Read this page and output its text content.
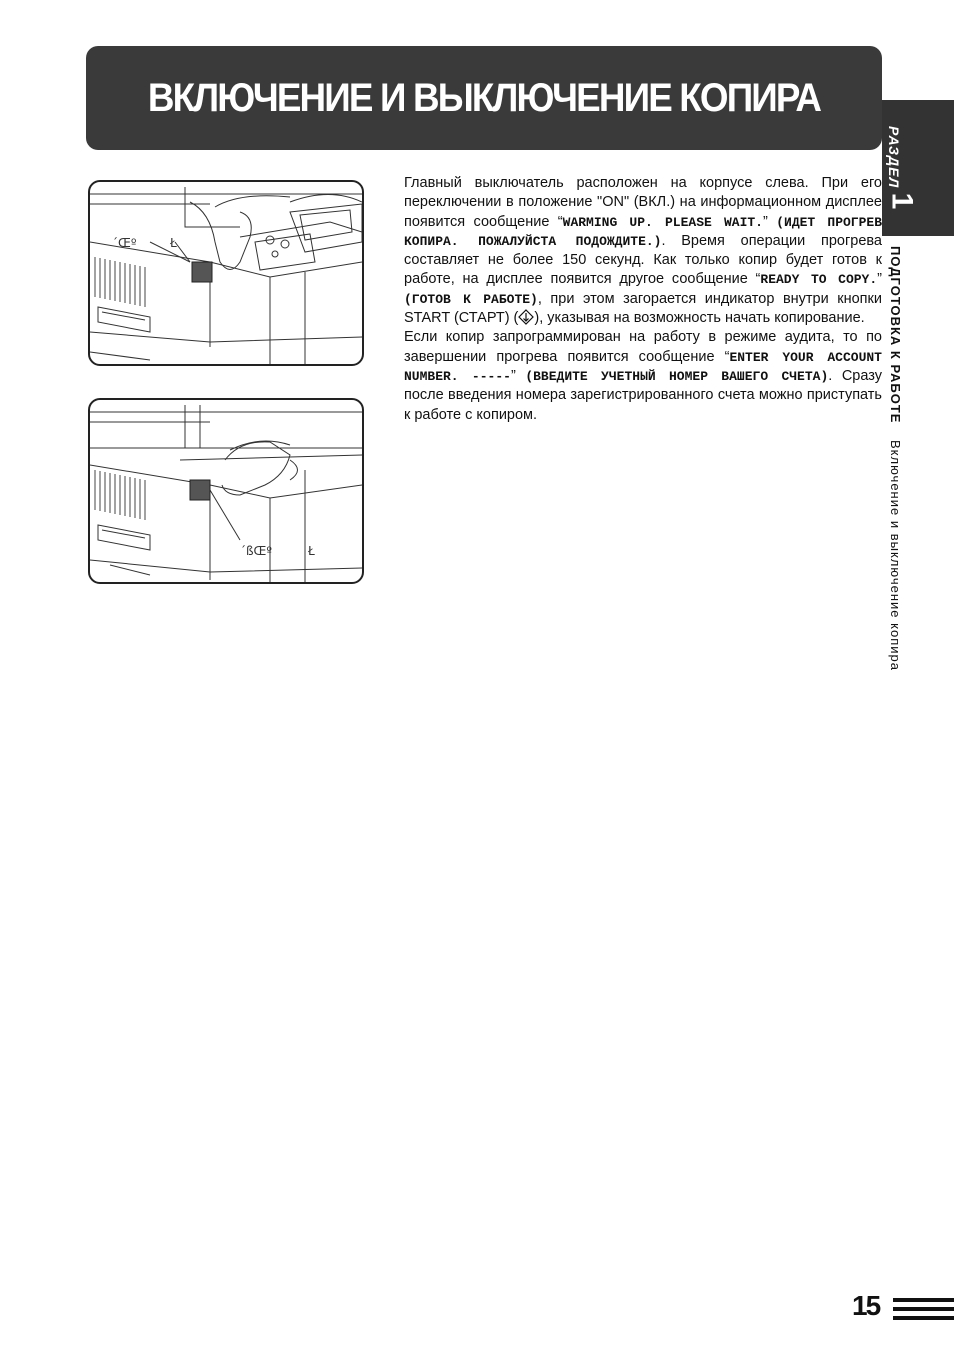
ВКЛЮЧЕНИЕ И ВЫКЛЮЧЕНИЕ КОПИРА
РАЗДЕЛ
1
ПОДГОТОВКА К РАБОТЕ Включение и выключение копира
´Œº	Ł
´ßŒº	Ł

Главный выключатель расположен на корпусе слева. При его переключении в положение "ON" (ВКЛ.) на информационном дисплее появится сообщение “WARMING UP. PLEASE WAIT.” (ИДЕТ ПРОГРЕВ КОПИРА. ПОЖАЛУЙСТА ПОДОЖДИТЕ.). Время операции прогрева составляет не более 150 секунд. Как только копир будет готов к работе, на дисплее появится другое сообщение “READY TO COPY.” (ГОТОВ К РАБОТЕ), при этом загорается индикатор внутри кнопки START (СТАРТ) ( ), указывая на возможность начать копирование.

Если копир запрограммирован на работу в режиме аудита, то по завершении прогрева появится сообщение “ENTER YOUR ACCOUNT NUMBER. -----” (ВВЕДИТЕ УЧЕТНЫЙ НОМЕР ВАШЕГО СЧЕТА). Сразу после введения номера зарегистрированного счета можно приступать к работе с копиром.

15
